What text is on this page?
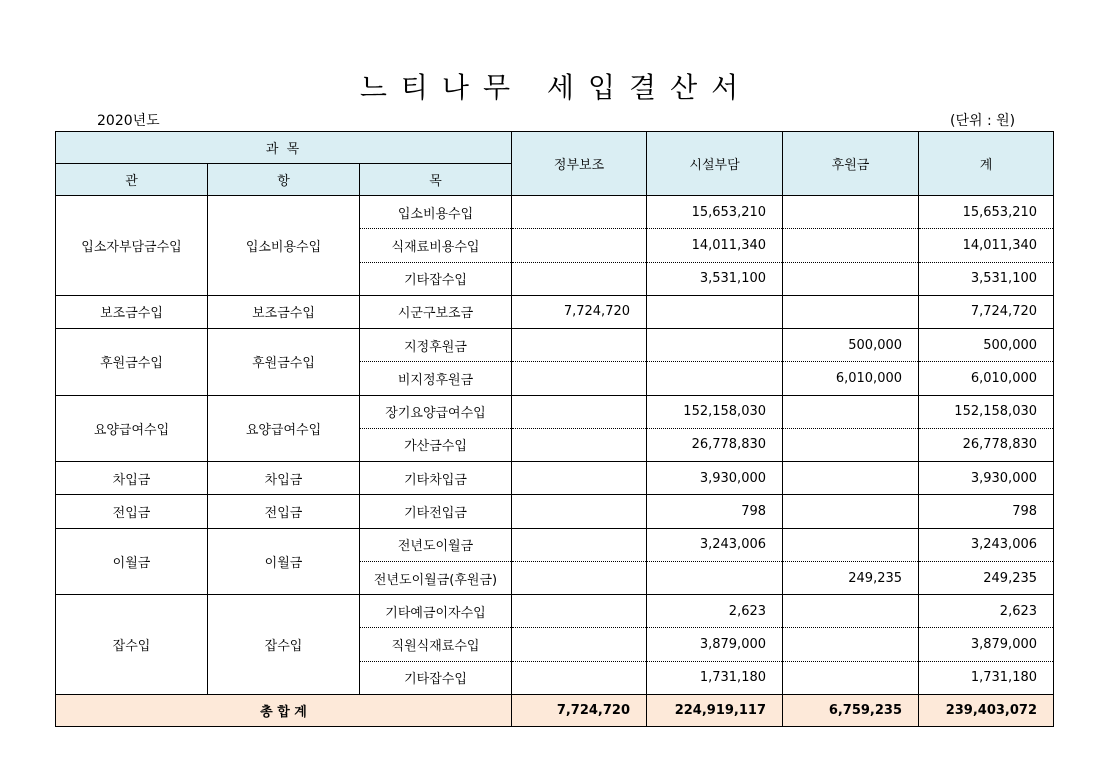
느티나무 세입결산서
2020년도	(단위 : 원)
과 목			정부보조	시설부담	후원금	계
관	항	목				
입소자부담금수입	입소비용수입	입소비용수입		15,653,210		15,653,210
		식재료비용수입		14,011,340		14,011,340
		기타잡수입		3,531,100		3,531,100
보조금수입	보조금수입	시군구보조금	7,724,720			7,724,720
후원금수입	후원금수입	지정후원금			500,000	500,000
		비지정후원금			6,010,000	6,010,000
요양급여수입	요양급여수입	장기요양급여수입		152,158,030		152,158,030
		가산금수입		26,778,830		26,778,830
차입금	차입금	기타차입금		3,930,000		3,930,000
전입금	전입금	기타전입금		798		798
이월금	이월금	전년도이월금		3,243,006		3,243,006
		전년도이월금(후원금)			249,235	249,235
잡수입	잡수입	기타예금이자수입		2,623		2,623
		직원식재료수입		3,879,000		3,879,000
		기타잡수입		1,731,180		1,731,180
총 합 계			7,724,720	224,919,117	6,759,235	239,403,072
